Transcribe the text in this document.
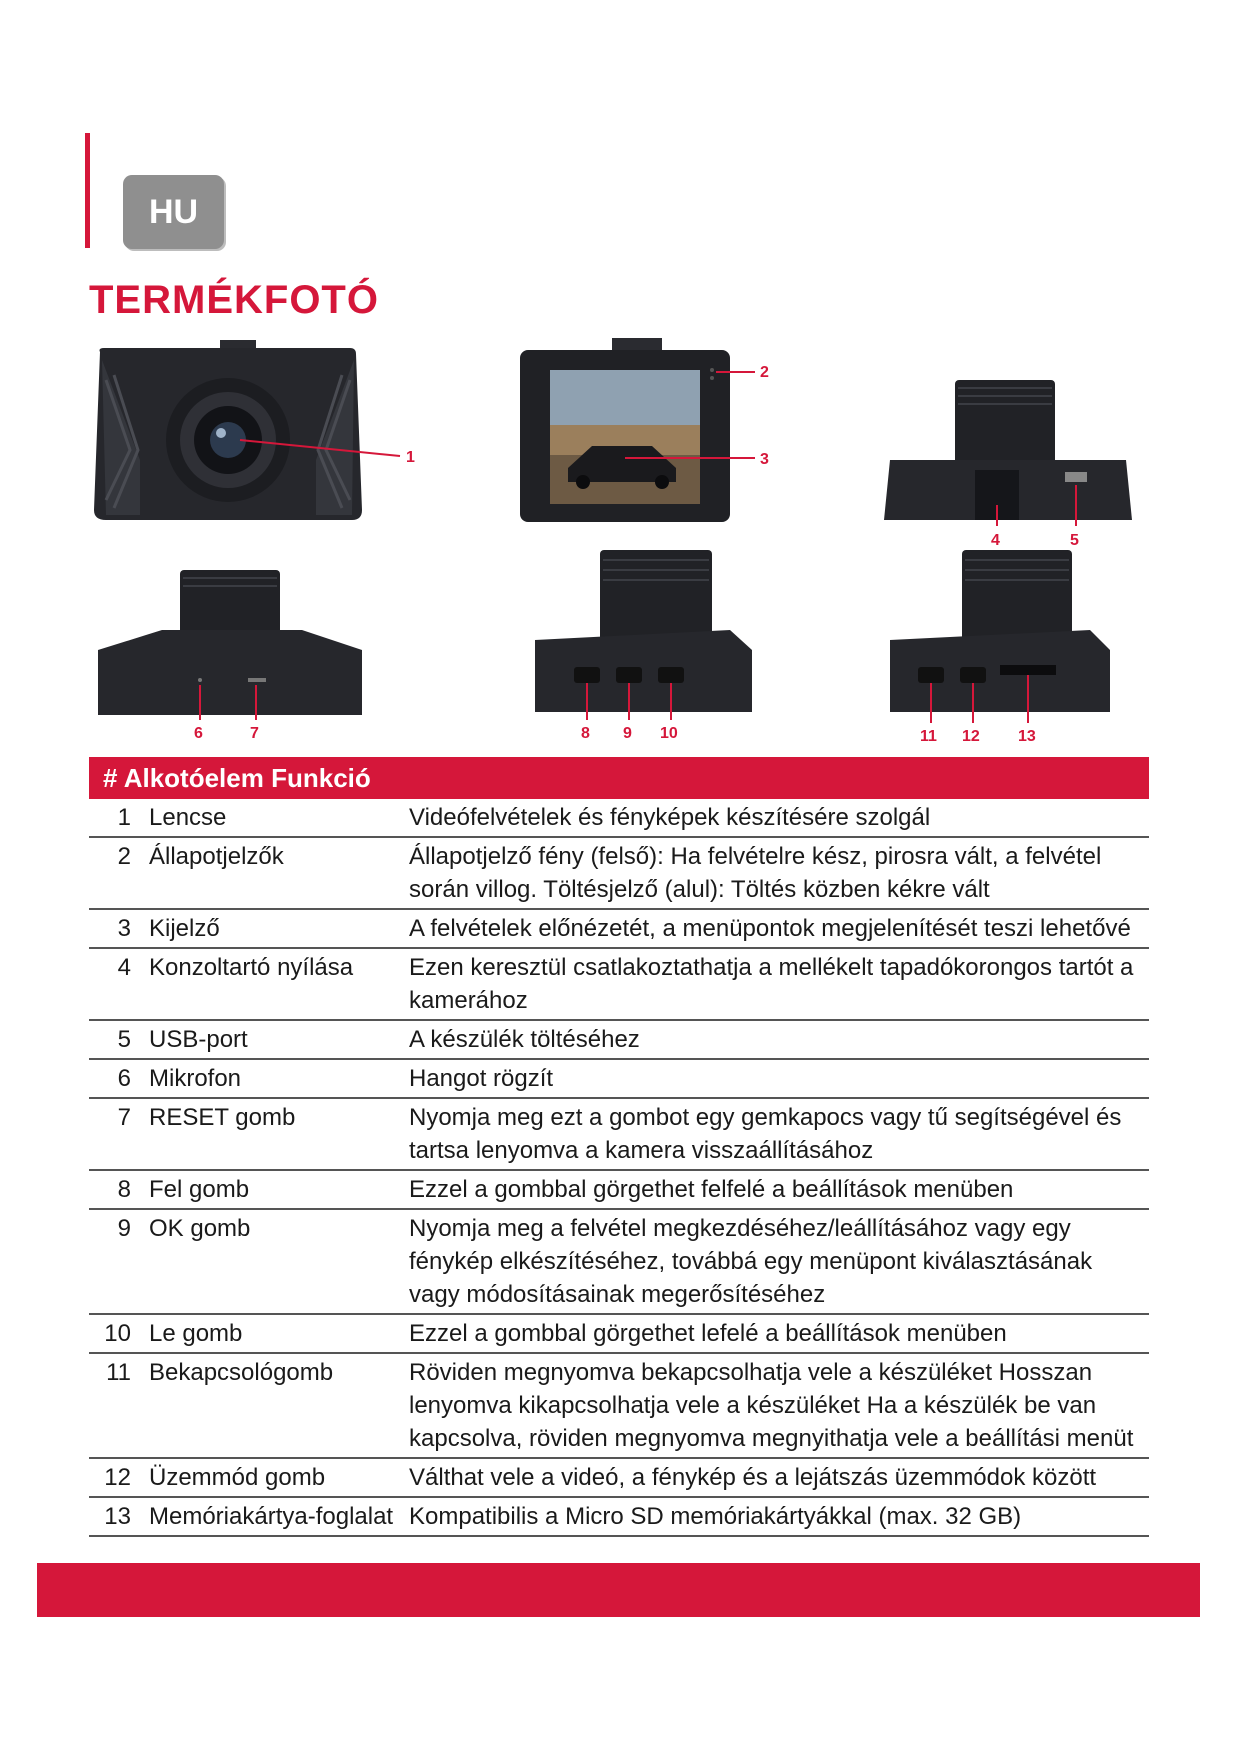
HU
TERMÉKFOTÓ
1
2
3
4	5
6	7	8 9 10	11 12 13
# Alkotóelem Funkció
1 Lencse	Videófelvételek és fényképek készítésére szolgál
2 Állapotjelzők	Állapotjelző fény (felső): Ha felvételre kész, pirosra vált, a felvétel során villog. Töltésjelző (alul): Töltés közben kékre vált
3 Kijelző	A felvételek előnézetét, a menüpontok megjelenítését teszi lehetővé
4 Konzoltartó nyílása	Ezen keresztül csatlakoztathatja a mellékelt tapadókorongos tartót a kamerához
5 USB-port	A készülék töltéséhez
6 Mikrofon	Hangot rögzít
7 RESET gomb	Nyomja meg ezt a gombot egy gemkapocs vagy tű segítségével és tartsa lenyomva a kamera visszaállításához
8 Fel gomb	Ezzel a gombbal görgethet felfelé a beállítások menüben
9 OK gomb	Nyomja meg a felvétel megkezdéséhez/leállításához vagy egy fénykép elkészítéséhez, továbbá egy menüpont kiválasztásának vagy módosításainak megerősítéséhez
10 Le gomb	Ezzel a gombbal görgethet lefelé a beállítások menüben
11 Bekapcsológomb	Röviden megnyomva bekapcsolhatja vele a készüléket Hosszan lenyomva kikapcsolhatja vele a készüléket Ha a készülék be van kapcsolva, röviden megnyomva megnyithatja vele a beállítási menüt
12 Üzemmód gomb	Válthat vele a videó, a fénykép és a lejátszás üzemmódok között
13 Memóriakártya-foglalat Kompatibilis a Micro SD memóriakártyákkal (max. 32 GB)
